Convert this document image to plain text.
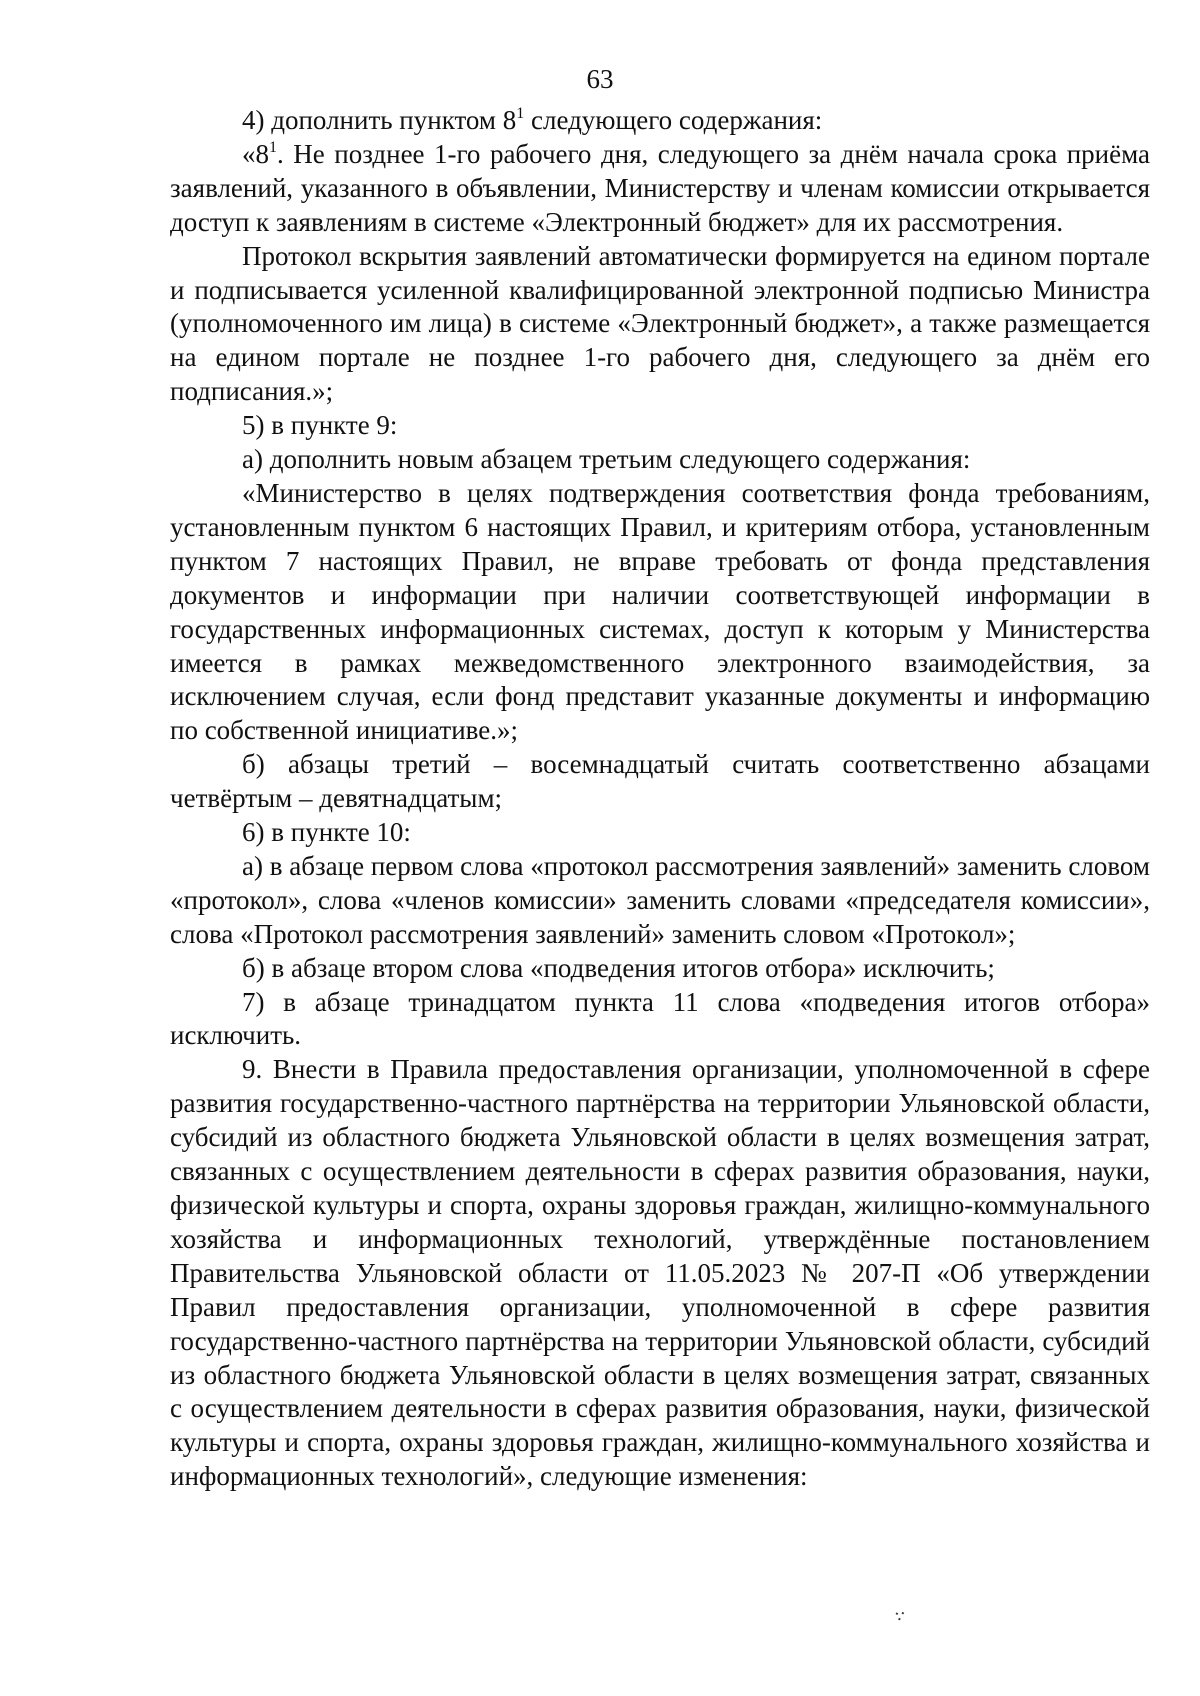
63

4) дополнить пунктом $8^1$ следующего содержания:

«$8^1$. Не позднее 1-го рабочего дня, следующего за днём начала срока приёма заявлений, указанного в объявлении, Министерству и членам комиссии открывается доступ к заявлениям в системе «Электронный бюджет» для их рассмотрения.

Протокол вскрытия заявлений автоматически формируется на едином портале и подписывается усиленной квалифицированной электронной подписью Министра (уполномоченного им лица) в системе «Электронный бюджет», а также размещается на едином портале не позднее 1-го рабочего дня, следующего за днём его подписания.»;

5) в пункте 9:

а) дополнить новым абзацем третьим следующего содержания:

«Министерство в целях подтверждения соответствия фонда требованиям, установленным пунктом 6 настоящих Правил, и критериям отбора, установленным пунктом 7 настоящих Правил, не вправе требовать от фонда представления документов и информации при наличии соответствующей информации в государственных информационных системах, доступ к которым у Министерства имеется в рамках межведомственного электронного взаимодействия, за исключением случая, если фонд представит указанные документы и информацию по собственной инициативе.»;

б) абзацы третий – восемнадцатый считать соответственно абзацами четвёртым – девятнадцатым;

6) в пункте 10:

а) в абзаце первом слова «протокол рассмотрения заявлений» заменить словом «протокол», слова «членов комиссии» заменить словами «председателя комиссии», слова «Протокол рассмотрения заявлений» заменить словом «Протокол»;

б) в абзаце втором слова «подведения итогов отбора» исключить;

7) в абзаце тринадцатом пункта 11 слова «подведения итогов отбора» исключить.

9. Внести в Правила предоставления организации, уполномоченной в сфере развития государственно-частного партнёрства на территории Ульяновской области, субсидий из областного бюджета Ульяновской области в целях возмещения затрат, связанных с осуществлением деятельности в сферах развития образования, науки, физической культуры и спорта, охраны здоровья граждан, жилищно-коммунального хозяйства и информационных технологий, утверждённые постановлением Правительства Ульяновской области от 11.05.2023 № 207-П «Об утверждении Правил предоставления организации, уполномоченной в сфере развития государственно-частного партнёрства на территории Ульяновской области, субсидий из областного бюджета Ульяновской области в целях возмещения затрат, связанных с осуществлением деятельности в сферах развития образования, науки, физической культуры и спорта, охраны здоровья граждан, жилищно-коммунального хозяйства и информационных технологий», следующие изменения:

⁖
